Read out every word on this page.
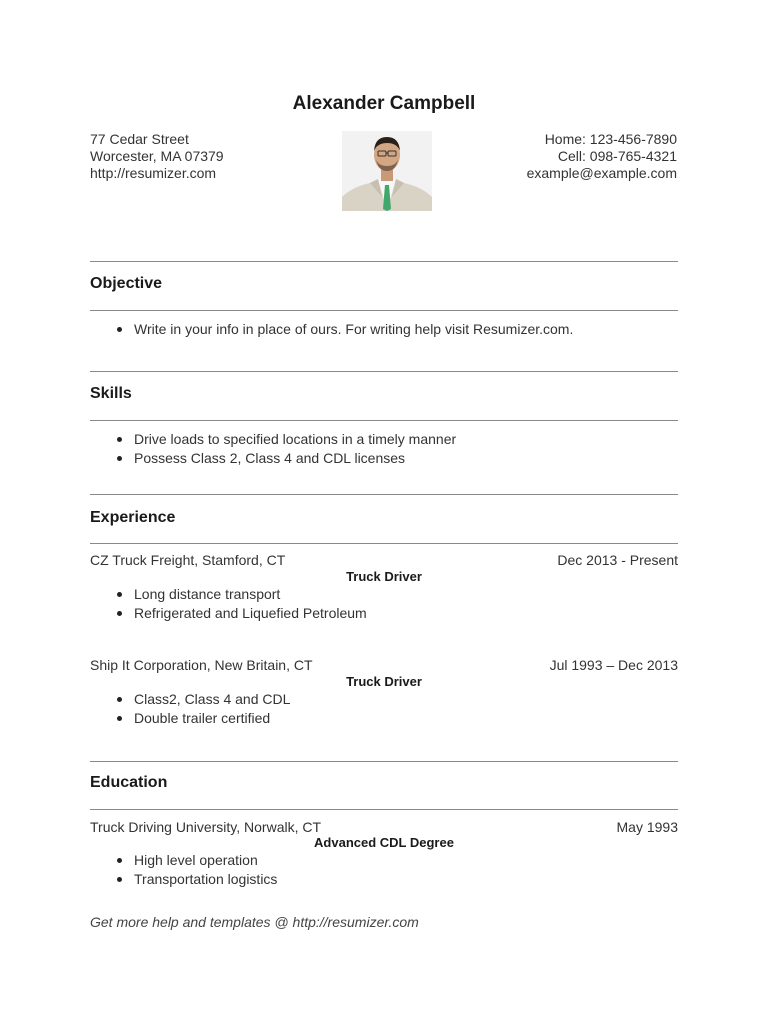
Alexander Campbell
77 Cedar Street
Worcester, MA 07379
http://resumizer.com
Home: 123-456-7890
Cell: 098-765-4321
example@example.com
Objective
Write in your info in place of ours. For writing help visit Resumizer.com.
Skills
Drive loads to specified locations in a timely manner
Possess Class 2, Class 4 and CDL licenses
Experience
CZ Truck Freight, Stamford, CT	Dec 2013 - Present
Truck Driver
Long distance transport
Refrigerated and Liquefied Petroleum
Ship It Corporation, New Britain, CT	Jul 1993 – Dec 2013
Truck Driver
Class2, Class 4 and CDL
Double trailer certified
Education
Truck Driving University, Norwalk, CT	May 1993
Advanced CDL Degree
High level operation
Transportation logistics
Get more help and templates @ http://resumizer.com
